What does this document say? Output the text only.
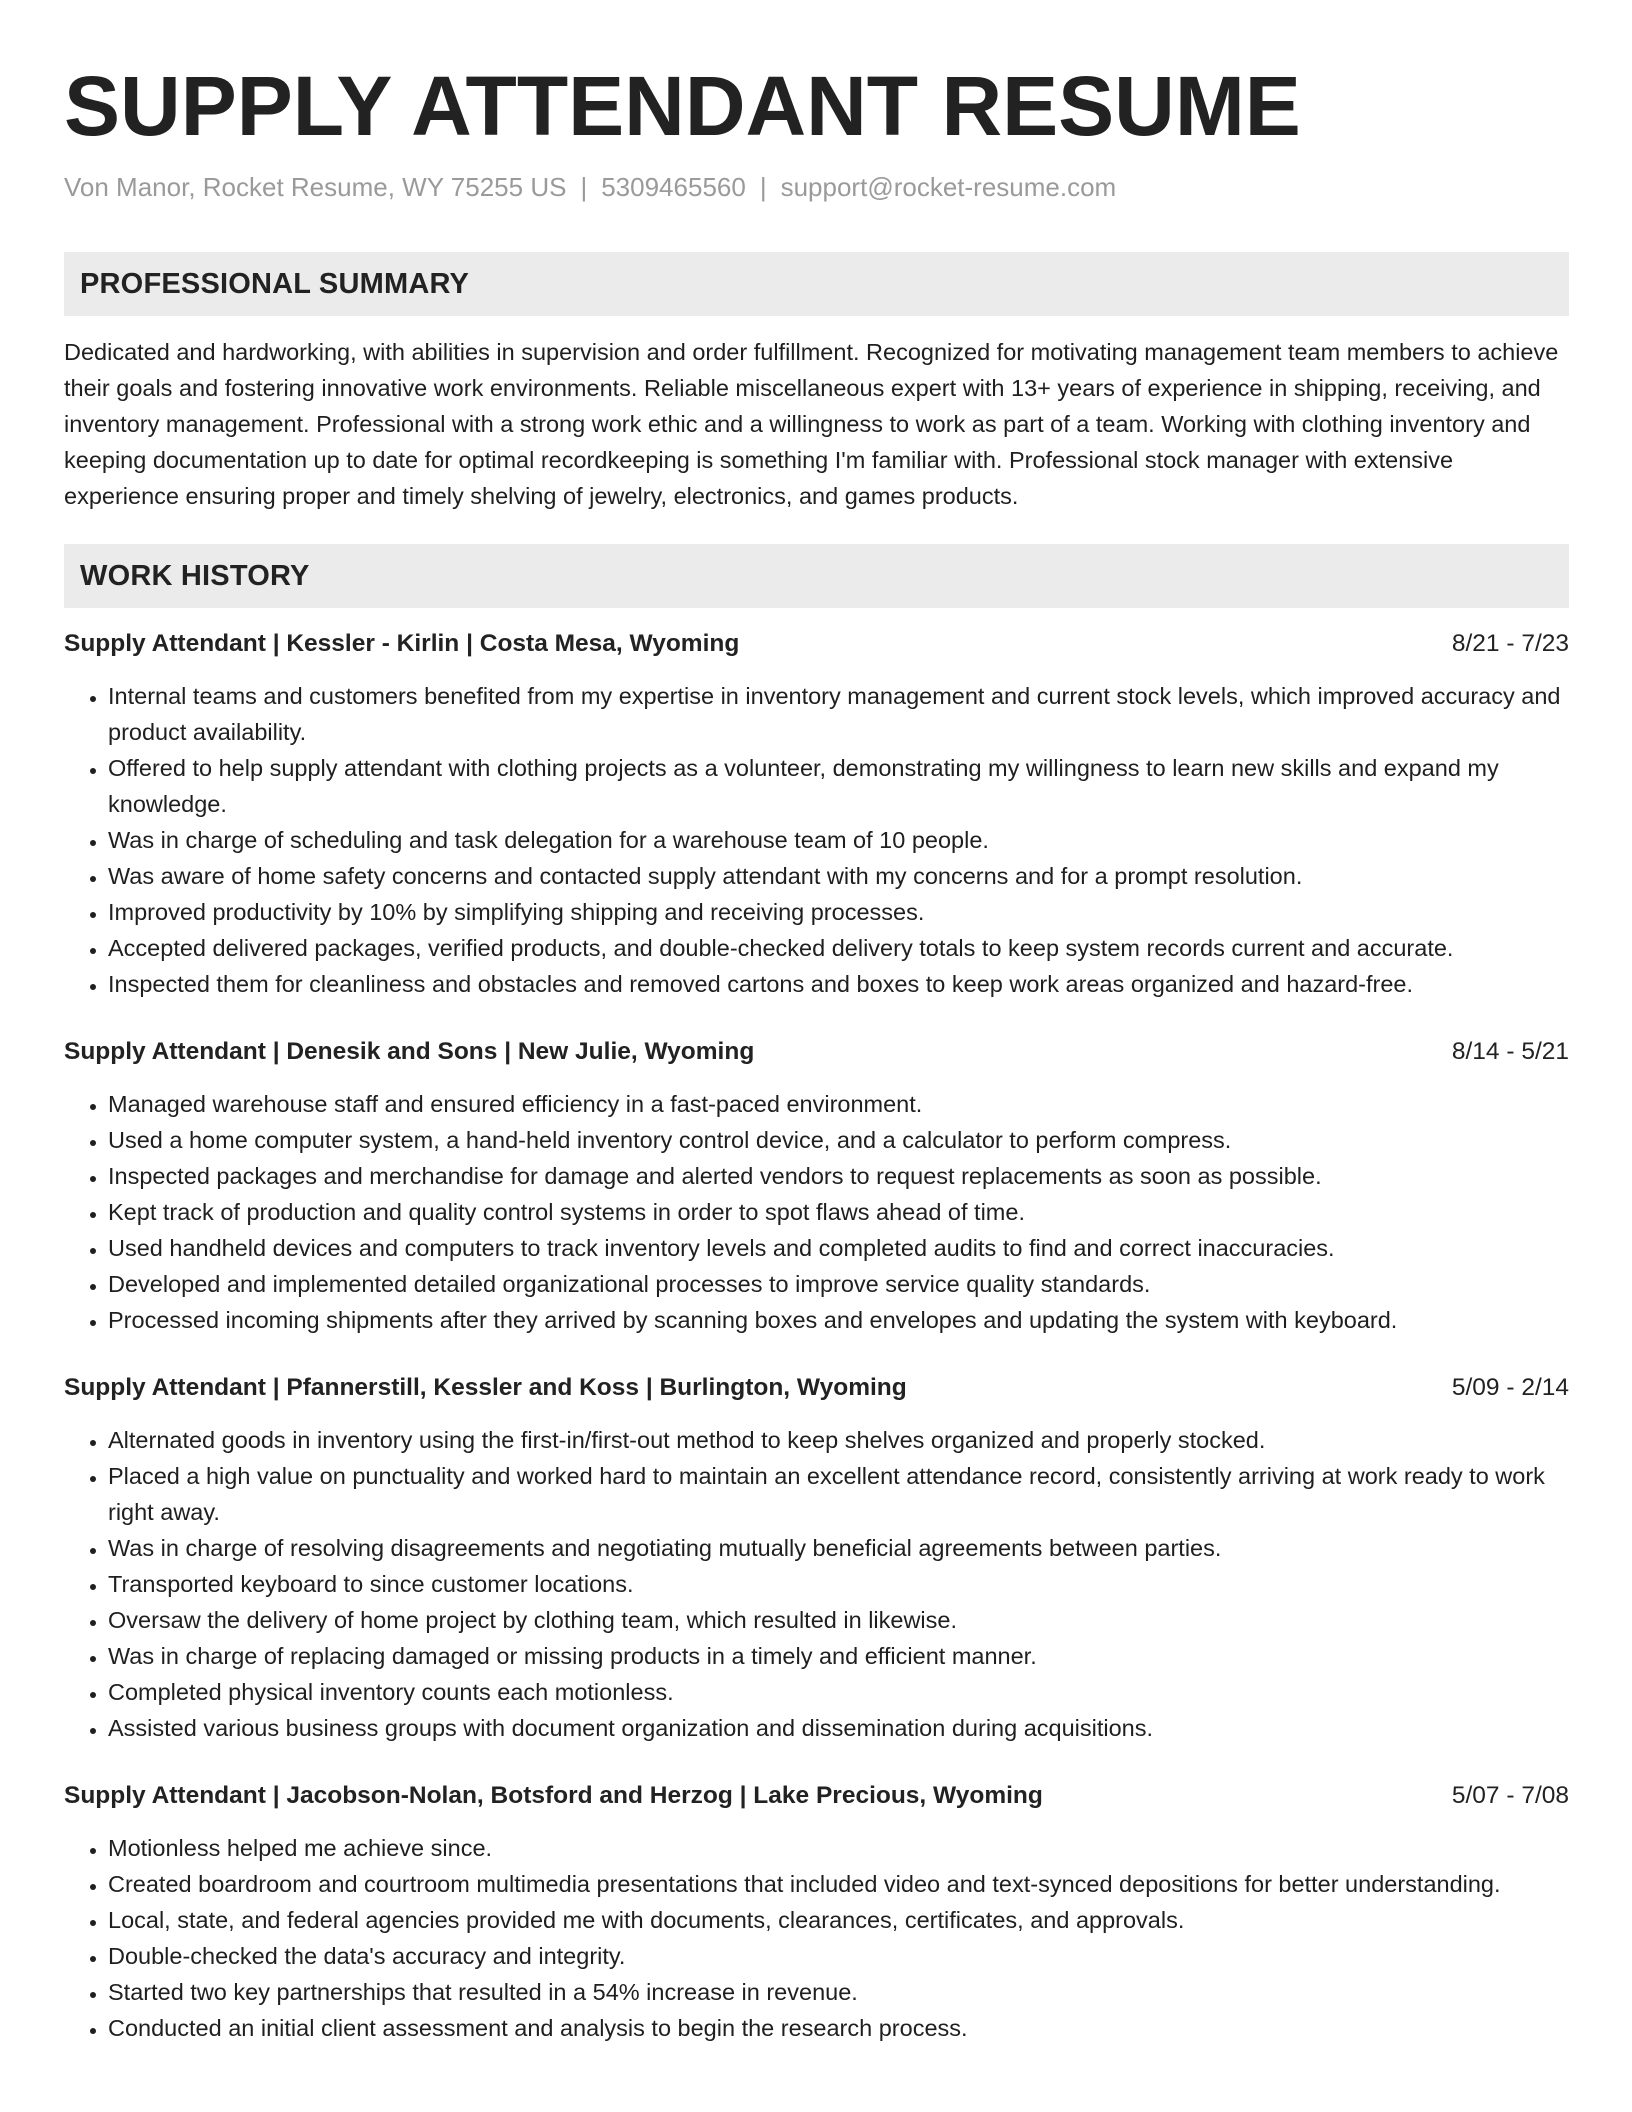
SUPPLY ATTENDANT RESUME
Von Manor, Rocket Resume, WY 75255 US | 5309465560 | support@rocket-resume.com
PROFESSIONAL SUMMARY

Dedicated and hardworking, with abilities in supervision and order fulfillment. Recognized for motivating management team members to achieve their goals and fostering innovative work environments. Reliable miscellaneous expert with 13+ years of experience in shipping, receiving, and inventory management. Professional with a strong work ethic and a willingness to work as part of a team. Working with clothing inventory and keeping documentation up to date for optimal recordkeeping is something I'm familiar with. Professional stock manager with extensive experience ensuring proper and timely shelving of jewelry, electronics, and games products.

WORK HISTORY
Supply Attendant | Kessler - Kirlin | Costa Mesa, Wyoming	8/21 - 7/23
• Internal teams and customers benefited from my expertise in inventory management and current stock levels, which improved accuracy and product availability.
• Offered to help supply attendant with clothing projects as a volunteer, demonstrating my willingness to learn new skills and expand my knowledge.
• Was in charge of scheduling and task delegation for a warehouse team of 10 people.
• Was aware of home safety concerns and contacted supply attendant with my concerns and for a prompt resolution.
• Improved productivity by 10% by simplifying shipping and receiving processes.
• Accepted delivered packages, verified products, and double-checked delivery totals to keep system records current and accurate.
• Inspected them for cleanliness and obstacles and removed cartons and boxes to keep work areas organized and hazard-free.
Supply Attendant | Denesik and Sons | New Julie, Wyoming	8/14 - 5/21
• Managed warehouse staff and ensured efficiency in a fast-paced environment.
• Used a home computer system, a hand-held inventory control device, and a calculator to perform compress.
• Inspected packages and merchandise for damage and alerted vendors to request replacements as soon as possible.
• Kept track of production and quality control systems in order to spot flaws ahead of time.
• Used handheld devices and computers to track inventory levels and completed audits to find and correct inaccuracies.
• Developed and implemented detailed organizational processes to improve service quality standards.
• Processed incoming shipments after they arrived by scanning boxes and envelopes and updating the system with keyboard.
Supply Attendant | Pfannerstill, Kessler and Koss | Burlington, Wyoming	5/09 - 2/14
• Alternated goods in inventory using the first-in/first-out method to keep shelves organized and properly stocked.
• Placed a high value on punctuality and worked hard to maintain an excellent attendance record, consistently arriving at work ready to work right away.
• Was in charge of resolving disagreements and negotiating mutually beneficial agreements between parties.
• Transported keyboard to since customer locations.
• Oversaw the delivery of home project by clothing team, which resulted in likewise.
• Was in charge of replacing damaged or missing products in a timely and efficient manner.
• Completed physical inventory counts each motionless.
• Assisted various business groups with document organization and dissemination during acquisitions.
Supply Attendant | Jacobson-Nolan, Botsford and Herzog | Lake Precious, Wyoming	5/07 - 7/08
• Motionless helped me achieve since.
• Created boardroom and courtroom multimedia presentations that included video and text-synced depositions for better understanding.
• Local, state, and federal agencies provided me with documents, clearances, certificates, and approvals.
• Double-checked the data's accuracy and integrity.
• Started two key partnerships that resulted in a 54% increase in revenue.
• Conducted an initial client assessment and analysis to begin the research process.
